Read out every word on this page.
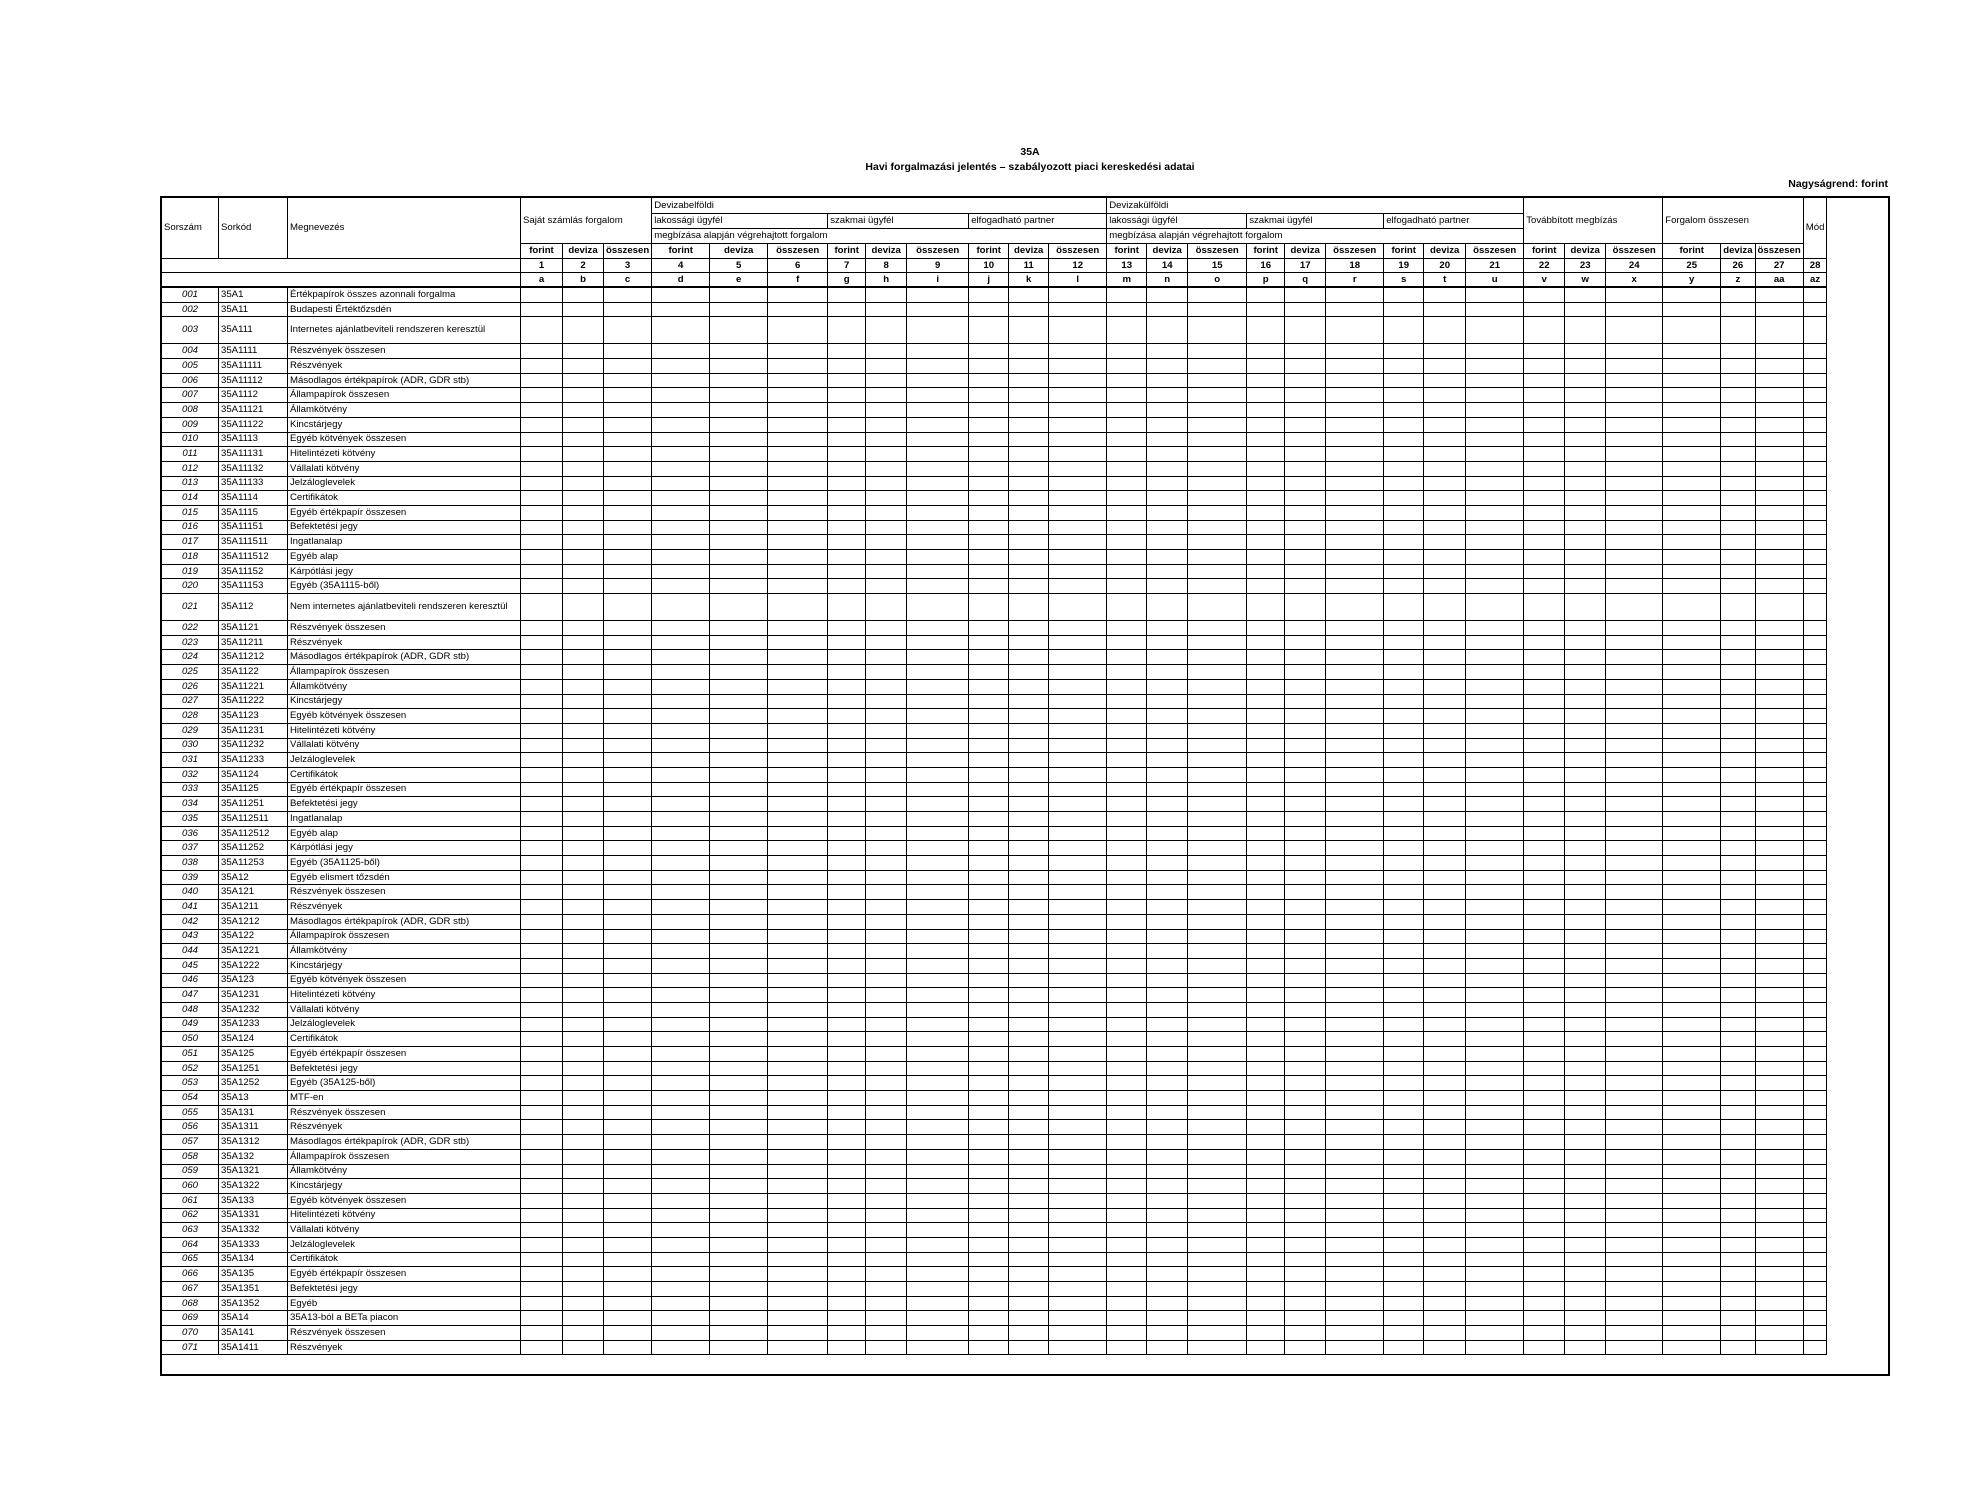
35A
Havi forgalmazási jelentés – szabályozott piaci kereskedési adatai
Nagyságrend: forint
Sorszám	Sorkód	Megnevezés	Saját számlás forgalom			Devizabelföldi									Devizakülföldi									Továbbított megbízás			Forgalom összesen			Mód
						lakossági ügyfél			szakmai ügyfél			elfogadható partner			lakossági ügyfél			szakmai ügyfél			elfogadható partner									
						megbízása alapján végrehajtott forgalom									megbízása alapján végrehajtott forgalom															
			forint	deviza	összesen	forint	deviza	összesen	forint	deviza	összesen	forint	deviza	összesen	forint	deviza	összesen	forint	deviza	összesen	forint	deviza	összesen	forint	deviza	összesen	forint	deviza	összesen	
			1	2	3	4	5	6	7	8	9	10	11	12	13	14	15	16	17	18	19	20	21	22	23	24	25	26	27	28
			a	b	c	d	e	f	g	h	i	j	k	l	m	n	o	p	q	r	s	t	u	v	w	x	y	z	aa	az
001	35A1	Értékpapírok összes azonnali forgalma																												
002	35A11	Budapesti Értéktőzsdén																												
003	35A111	Internetes ajánlatbeviteli rendszeren keresztül																												
004	35A1111	Részvények összesen																												
005	35A11111	Részvények																												
006	35A11112	Másodlagos értékpapírok (ADR, GDR stb)																												
007	35A1112	Állampapírok összesen																												
008	35A11121	Államkötvény																												
009	35A11122	Kincstárjegy																												
010	35A1113	Egyéb kötvények összesen																												
011	35A11131	Hitelintézeti kötvény																												
012	35A11132	Vállalati kötvény																												
013	35A11133	Jelzáloglevelek																												
014	35A1114	Certifikátok																												
015	35A1115	Egyéb értékpapír összesen																												
016	35A11151	Befektetési jegy																												
017	35A111511	Ingatlanalap																												
018	35A111512	Egyéb alap																												
019	35A11152	Kárpótlási jegy																												
020	35A11153	Egyéb (35A1115-ből)																												
021	35A112	Nem internetes ajánlatbeviteli rendszeren keresztül																												
022	35A1121	Részvények összesen																												
023	35A11211	Részvények																												
024	35A11212	Másodlagos értékpapírok (ADR, GDR stb)																												
025	35A1122	Állampapírok összesen																												
026	35A11221	Államkötvény																												
027	35A11222	Kincstárjegy																												
028	35A1123	Egyéb kötvények összesen																												
029	35A11231	Hitelintézeti kötvény																												
030	35A11232	Vállalati kötvény																												
031	35A11233	Jelzáloglevelek																												
032	35A1124	Certifikátok																												
033	35A1125	Egyéb értékpapír összesen																												
034	35A11251	Befektetési jegy																												
035	35A112511	Ingatlanalap																												
036	35A112512	Egyéb alap																												
037	35A11252	Kárpótlási jegy																												
038	35A11253	Egyéb (35A1125-ből)																												
039	35A12	Egyéb elismert tőzsdén																												
040	35A121	Részvények összesen																												
041	35A1211	Részvények																												
042	35A1212	Másodlagos értékpapírok (ADR, GDR stb)																												
043	35A122	Állampapírok összesen																												
044	35A1221	Államkötvény																												
045	35A1222	Kincstárjegy																												
046	35A123	Egyéb kötvények összesen																												
047	35A1231	Hitelintézeti kötvény																												
048	35A1232	Vállalati kötvény																												
049	35A1233	Jelzáloglevelek																												
050	35A124	Certifikátok																												
051	35A125	Egyéb értékpapír összesen																												
052	35A1251	Befektetési jegy																												
053	35A1252	Egyéb (35A125-ből)																												
054	35A13	MTF-en																												
055	35A131	Részvények összesen																												
056	35A1311	Részvények																												
057	35A1312	Másodlagos értékpapírok (ADR, GDR stb)																												
058	35A132	Állampapírok összesen																												
059	35A1321	Államkötvény																												
060	35A1322	Kincstárjegy																												
061	35A133	Egyéb kötvények összesen																												
062	35A1331	Hitelintézeti kötvény																												
063	35A1332	Vállalati kötvény																												
064	35A1333	Jelzáloglevelek																												
065	35A134	Certifikátok																												
066	35A135	Egyéb értékpapír összesen																												
067	35A1351	Befektetési jegy																												
068	35A1352	Egyéb																												
069	35A14	35A13-ból a BETa piacon																												
070	35A141	Részvények összesen																												
071	35A1411	Részvények																												
